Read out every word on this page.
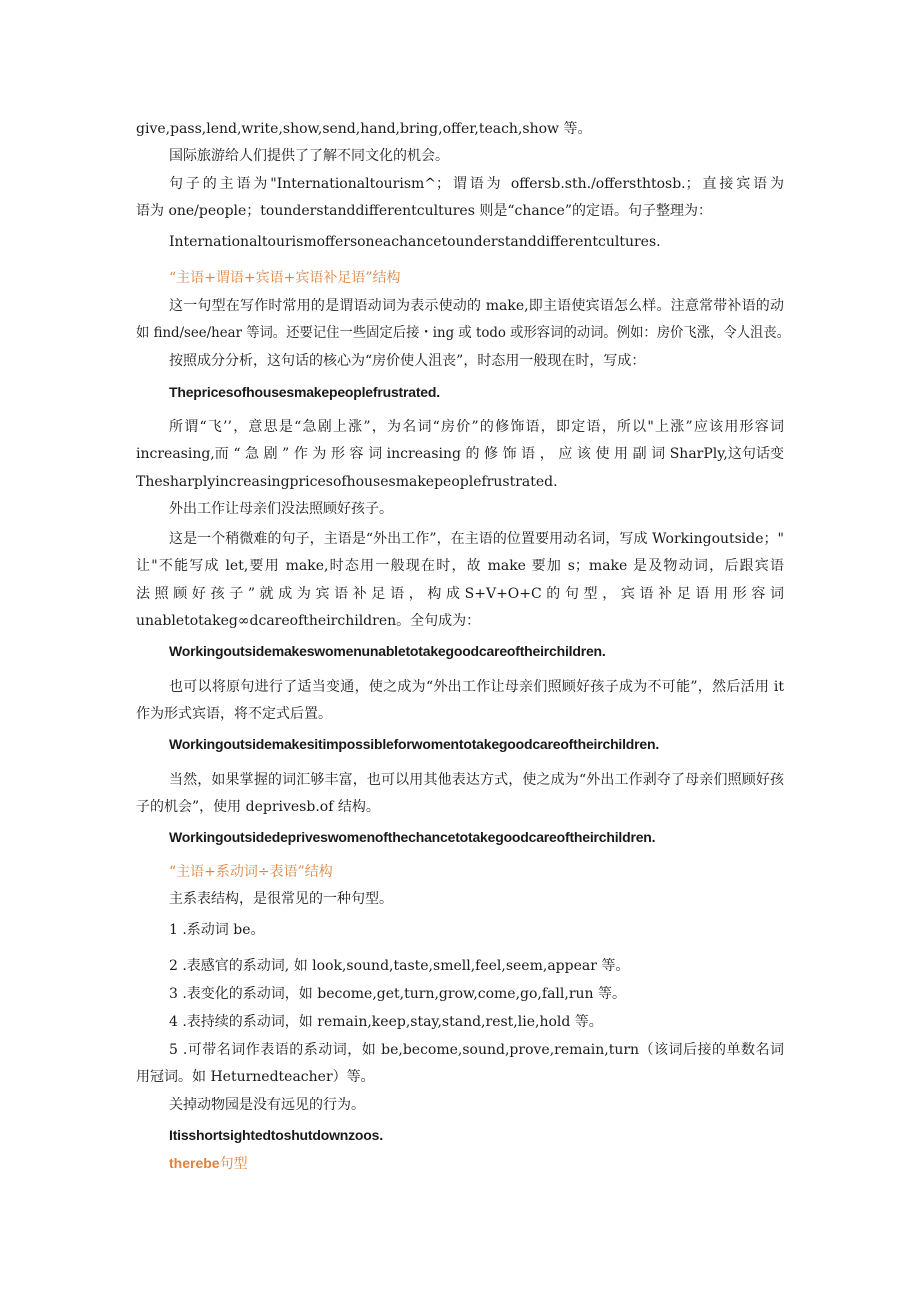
give,pass,lend,write,show,send,hand,bring,offer,teach,show 等。
国际旅游给人们提供了了解不同文化的机会。
句子的主语为"Internationaltourism^；谓语为 offersb.sth./offersthtosb.；直接宾语为
语为 one/people；tounderstanddifferentcultures 则是“chance”的定语。句子整理为：
Internationaltourismoffersoneachancetounderstanddifferentcultures.
“主语+谓语+宾语+宾语补足语”结构
这一句型在写作时常用的是谓语动词为表示使动的 make,即主语使宾语怎么样。注意常带补语的动
如 find/see/hear 等词。还要记住一些固定后接・ing 或 todo 或形容词的动词。例如：房价飞涨，令人沮丧。
按照成分分析，这句话的核心为“房价使人沮丧”，时态用一般现在时，写成：
Thepricesofhousesmakepeoplefrustrated.
所谓“飞’’，意思是“急剧上涨”，为名词“房价”的修饰语，即定语，所以"上涨”应该用形容词
increasing,而 “ 急 剧 ” 作 为 形 容 词 increasing 的 修 饰 语 ， 应 该 使 用 副 词 SharPly,这句话变
Thesharplyincreasingpricesofhousesmakepeoplefrustrated.
外出工作让母亲们没法照顾好孩子。
这是一个稍微难的句子，主语是“外出工作”，在主语的位置要用动名词，写成 Workingoutside；"
让"不能写成 let,要用 make,时态用一般现在时，故 make 要加 s；make 是及物动词，后跟宾语
法 照 顾 好 孩 子 ” 就 成 为 宾 语 补 足 语 ， 构 成 S+V+O+C 的 句 型 ， 宾 语 补 足 语 用 形 容 词
unabletotakeg∞dcareoftheirchildren。全句成为：
Workingoutsidemakeswomenunabletotakegoodcareoftheirchildren.
也可以将原句进行了适当变通，使之成为“外出工作让母亲们照顾好孩子成为不可能”，然后活用 it
作为形式宾语，将不定式后置。
Workingoutsidemakesitimpossibleforwomentotakegoodcareoftheirchildren.
当然，如果掌握的词汇够丰富，也可以用其他表达方式，使之成为“外出工作剥夺了母亲们照顾好孩
子的机会”，使用 deprivesb.of 结构。
Workingoutsidedepriveswomenofthechancetotakegoodcareoftheirchildren.
“主语+系动词÷表语”结构
主系表结构，是很常见的一种句型。
1 .系动词 be。
2 .表感官的系动词, 如 look,sound,taste,smell,feel,seem,appear 等。
3 .表变化的系动词，如 become,get,turn,grow,come,go,fall,run 等。
4 .表持续的系动词，如 remain,keep,stay,stand,rest,lie,hold 等。
5 .可带名词作表语的系动词，如 be,become,sound,prove,remain,turn（该词后接的单数名词
用冠词。如 Heturnedteacher）等。
关掉动物园是没有远见的行为。
Itisshortsightedtoshutdownzoos.
therebe句型
